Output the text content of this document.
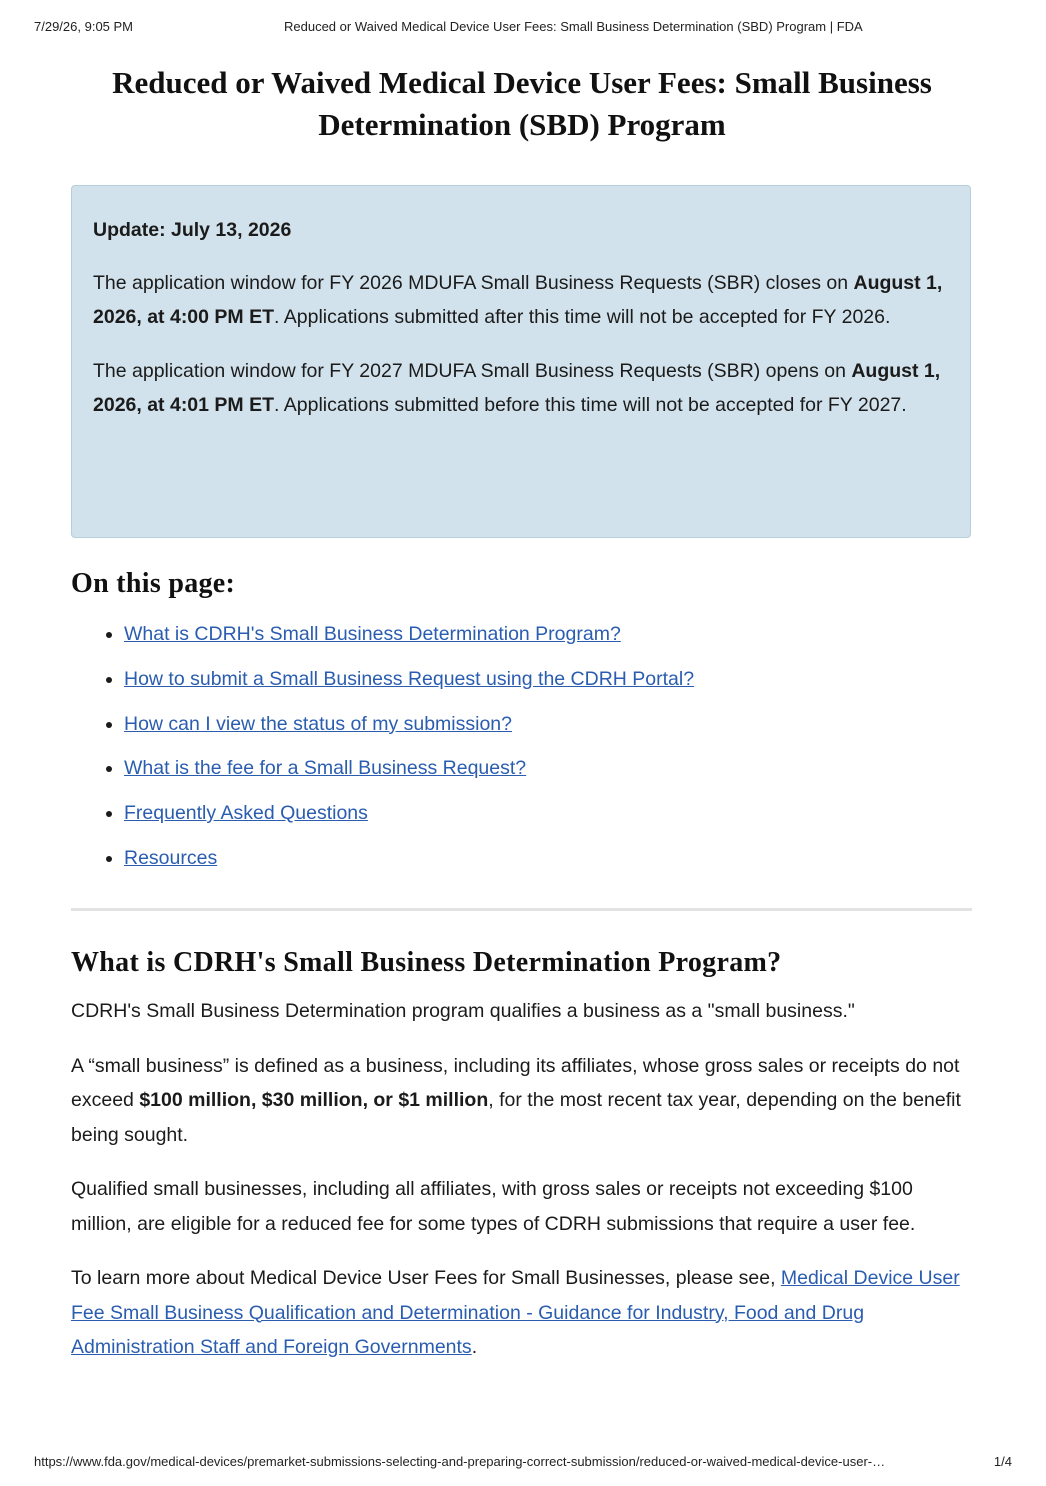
7/29/26, 9:05 PM	Reduced or Waived Medical Device User Fees: Small Business Determination (SBD) Program | FDA
Reduced or Waived Medical Device User Fees: Small Business Determination (SBD) Program

Update: July 13, 2026

The application window for FY 2026 MDUFA Small Business Requests (SBR) closes on August 1, 2026, at 4:00 PM ET. Applications submitted after this time will not be accepted for FY 2026.

The application window for FY 2027 MDUFA Small Business Requests (SBR) opens on August 1, 2026, at 4:01 PM ET. Applications submitted before this time will not be accepted for FY 2027.

On this page:
• What is CDRH's Small Business Determination Program?
• How to submit a Small Business Request using the CDRH Portal?
• How can I view the status of my submission?
• What is the fee for a Small Business Request?
• Frequently Asked Questions
• Resources
What is CDRH's Small Business Determination Program?

CDRH's Small Business Determination program qualifies a business as a "small business."

A “small business” is defined as a business, including its affiliates, whose gross sales or receipts do not exceed $100 million, $30 million, or $1 million, for the most recent tax year, depending on the benefit being sought.

Qualified small businesses, including all affiliates, with gross sales or receipts not exceeding $100 million, are eligible for a reduced fee for some types of CDRH submissions that require a user fee.

To learn more about Medical Device User Fees for Small Businesses, please see, Medical Device User Fee Small Business Qualification and Determination - Guidance for Industry, Food and Drug Administration Staff and Foreign Governments.

https://www.fda.gov/medical-devices/premarket-submissions-selecting-and-preparing-correct-submission/reduced-or-waived-medical-device-user-…	1/4
